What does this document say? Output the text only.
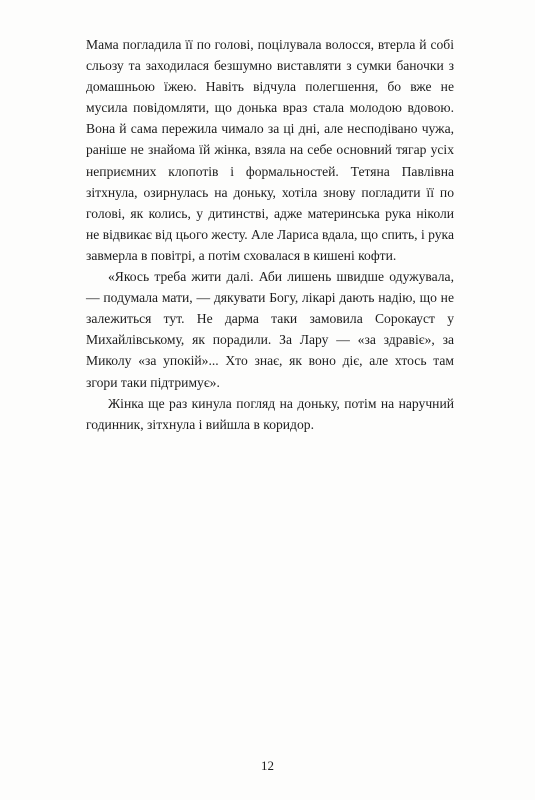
Мама погладила її по голові, поцілувала волосся, втерла й собі сльозу та заходилася безшумно виставляти з сумки баночки з домашньою їжею. Навіть відчула полегшення, бо вже не мусила повідомляти, що донька враз стала молодою вдовою. Вона й сама пережила чимало за ці дні, але несподівано чужа, раніше не знайома їй жінка, взяла на себе основний тягар усіх неприємних клопотів і формальностей. Тетяна Павлівна зітхнула, озирнулась на доньку, хотіла знову погладити її по голові, як колись, у дитинстві, адже материнська рука ніколи не відвикає від цього жесту. Але Лариса вдала, що спить, і рука завмерла в повітрі, а потім сховалася в кишені кофти.

«Якось треба жити далі. Аби лишень швидше одужувала, — подумала мати, — дякувати Богу, лікарі дають надію, що не залежиться тут. Не дарма таки замовила Сорокауст у Михайлівському, як порадили. За Лару — «за здравіє», за Миколу «за упокій»... Хто знає, як воно діє, але хтось там згори таки підтримує».

Жінка ще раз кинула погляд на доньку, потім на наручний годинник, зітхнула і вийшла в коридор.

12
